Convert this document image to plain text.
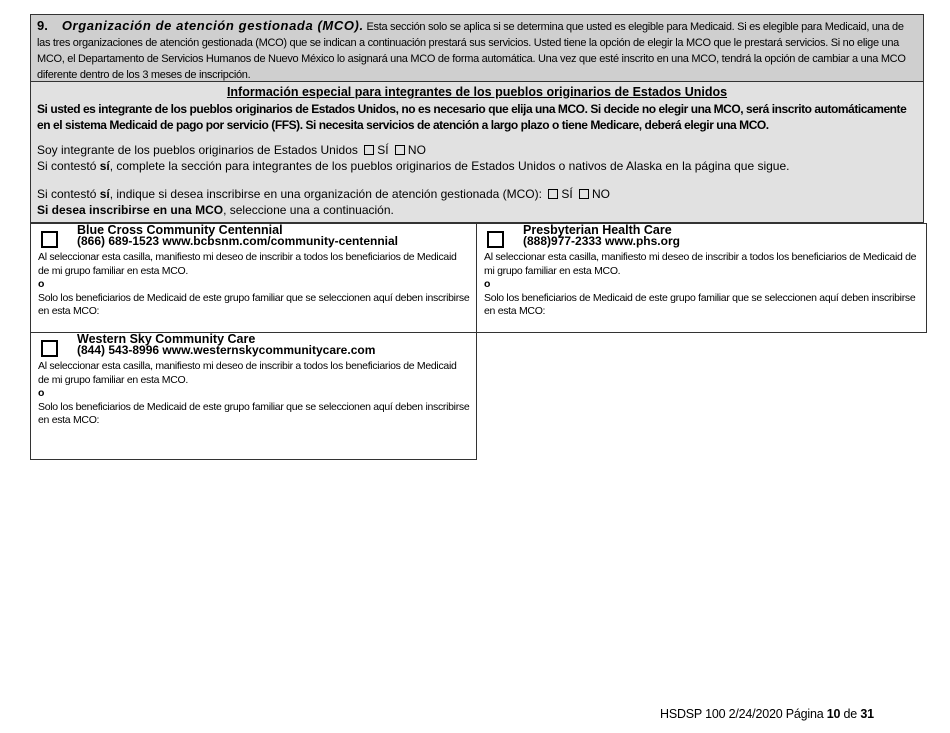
9. Organización de atención gestionada (MCO). Esta sección solo se aplica si se determina que usted es elegible para Medicaid. Si es elegible para Medicaid, una de las tres organizaciones de atención gestionada (MCO) que se indican a continuación prestará sus servicios. Usted tiene la opción de elegir la MCO que le prestará servicios. Si no elige una MCO, el Departamento de Servicios Humanos de Nuevo México lo asignará una MCO de forma automática. Una vez que esté inscrito en una MCO, tendrá la opción de cambiar a una MCO diferente dentro de los 3 meses de inscripción.
Información especial para integrantes de los pueblos originarios de Estados Unidos
Si usted es integrante de los pueblos originarios de Estados Unidos, no es necesario que elija una MCO. Si decide no elegir una MCO, será inscrito automáticamente en el sistema Medicaid de pago por servicio (FFS). Si necesita servicios de atención a largo plazo o tiene Medicare, deberá elegir una MCO.
Soy integrante de los pueblos originarios de Estados Unidos SÍ NO
Si contestó sí, complete la sección para integrantes de los pueblos originarios de Estados Unidos o nativos de Alaska en la página que sigue.
Si contestó sí, indique si desea inscribirse en una organización de atención gestionada (MCO): SÍ NO
Si desea inscribirse en una MCO, seleccione una a continuación.
Blue Cross Community Centennial
(866) 689-1523 www.bcbsnm.com/community-centennial
Al seleccionar esta casilla, manifiesto mi deseo de inscribir a todos los beneficiarios de Medicaid de mi grupo familiar en esta MCO.
o
Solo los beneficiarios de Medicaid de este grupo familiar que se seleccionen aquí deben inscribirse en esta MCO:
Presbyterian Health Care
(888)977-2333 www.phs.org
Al seleccionar esta casilla, manifiesto mi deseo de inscribir a todos los beneficiarios de Medicaid de mi grupo familiar en esta MCO.
o
Solo los beneficiarios de Medicaid de este grupo familiar que se seleccionen aquí deben inscribirse en esta MCO:
Western Sky Community Care
(844) 543-8996 www.westernskycommunitycare.com
Al seleccionar esta casilla, manifiesto mi deseo de inscribir a todos los beneficiarios de Medicaid de mi grupo familiar en esta MCO.
o
Solo los beneficiarios de Medicaid de este grupo familiar que se seleccionen aquí deben inscribirse en esta MCO:
HSDSP 100 2/24/2020 Página 10 de 31
